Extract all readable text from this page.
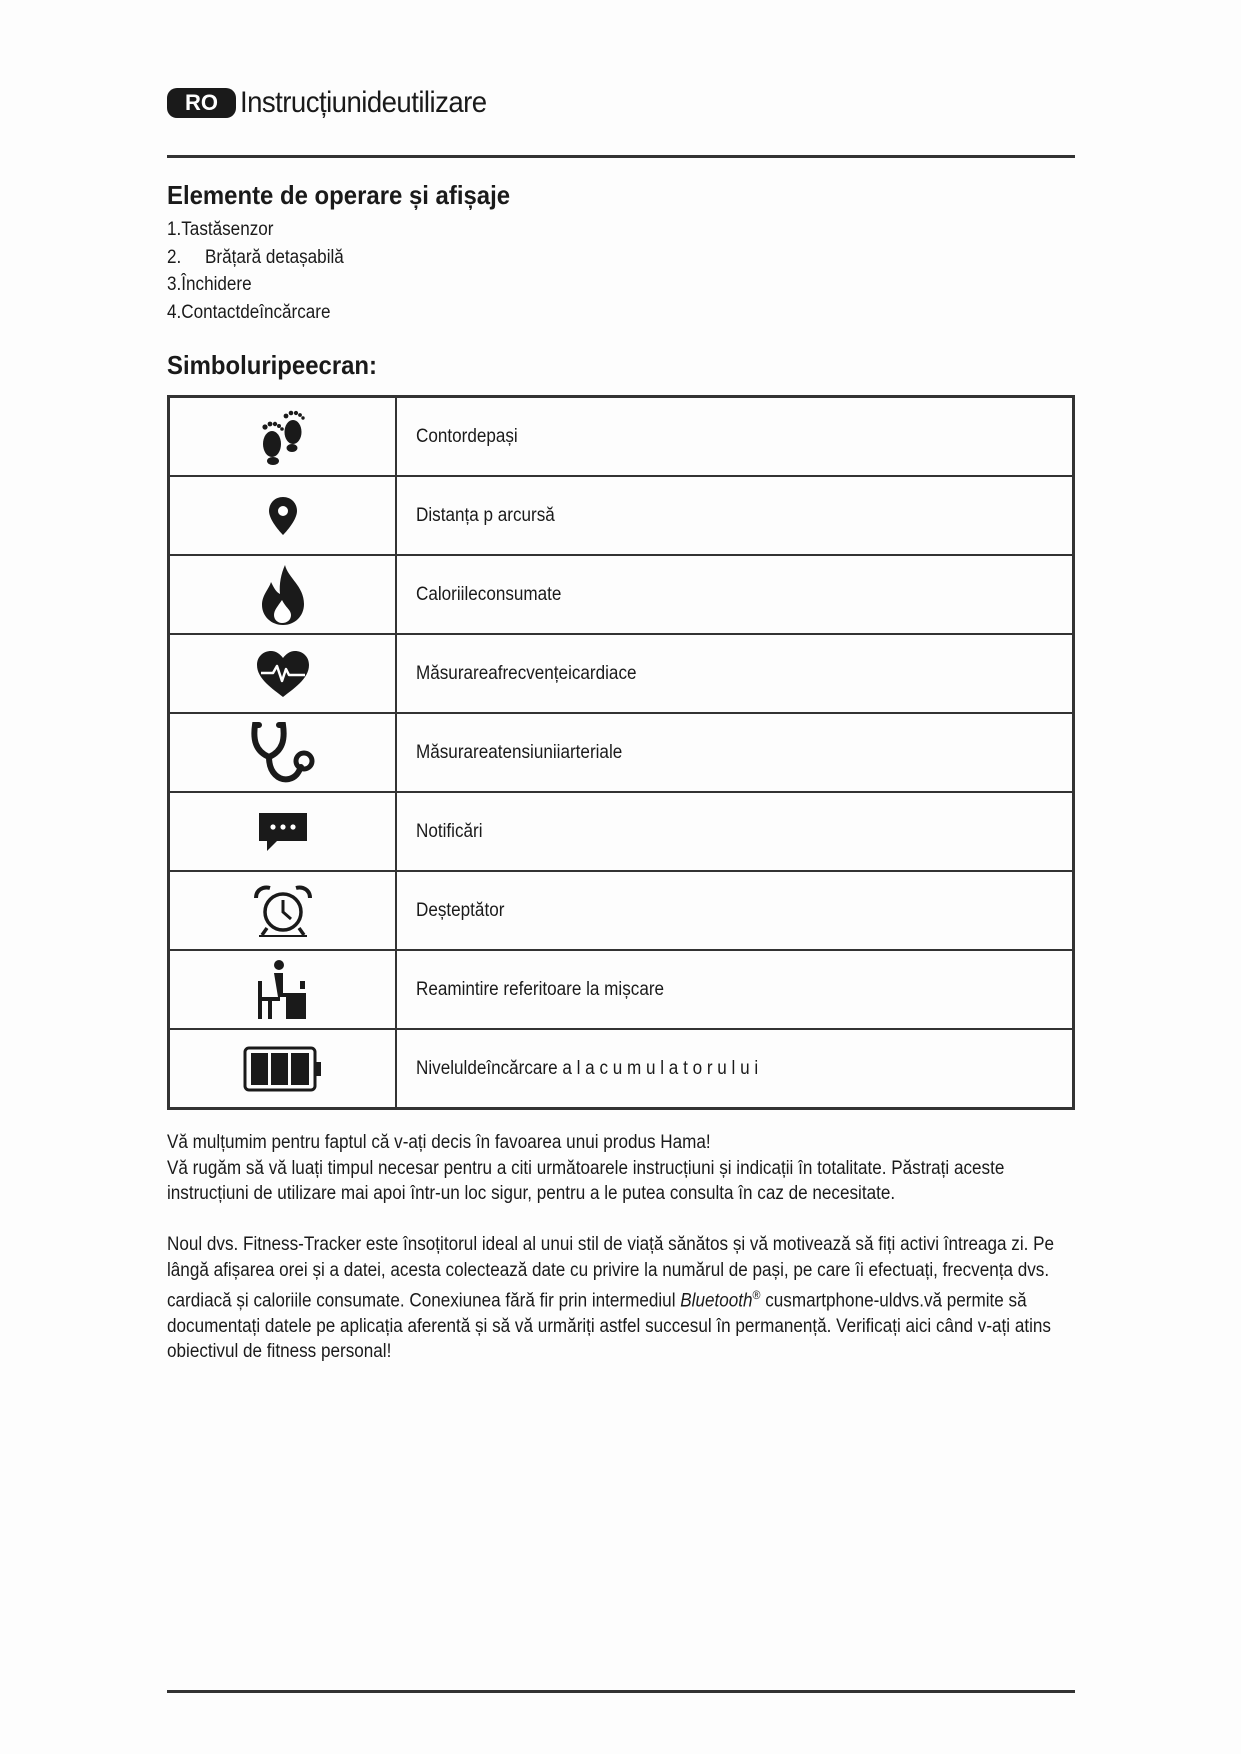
RO Instrucțiunideutilizare
Elemente de operare și afișaje
1.Tastăsenzor
2.     Brățară detașabilă
3.Închidere
4.Contactdeîncărcare
Simboluripeecran:
	Contordepași

	Distanța p arcursă

	Caloriileconsumate

	Măsurareafrecvențeicardiace

	Măsurareatensiuniiarteriale

	Notificări

	Deșteptător

	Reamintire referitoare la mișcare

	Niveluldeîncărcare a l a c u m u l a t o r u l u i

Vă mulțumim pentru faptul că v-ați decis în favoarea unui produs Hama!

Vă rugăm să vă luați timpul necesar pentru a citi următoarele instrucțiuni și indicații în totalitate. Păstrați aceste instrucțiuni de utilizare mai apoi într-un loc sigur, pentru a le putea consulta în caz de necesitate.

Noul dvs. Fitness-Tracker este însoțitorul ideal al unui stil de viață sănătos și vă motivează să fiți activi întreaga zi. Pe lângă afișarea orei și a datei, acesta colectează date cu privire la numărul de pași, pe care îi efectuați, frecvența dvs. cardiacă și caloriile consumate. Conexiunea fără fir prin intermediul Bluetooth® cusmartphone-uldvs.vă permite să documentați datele pe aplicația aferentă și să vă urmăriți astfel succesul în permanență. Verificați aici când v-ați atins obiectivul de fitness personal!
